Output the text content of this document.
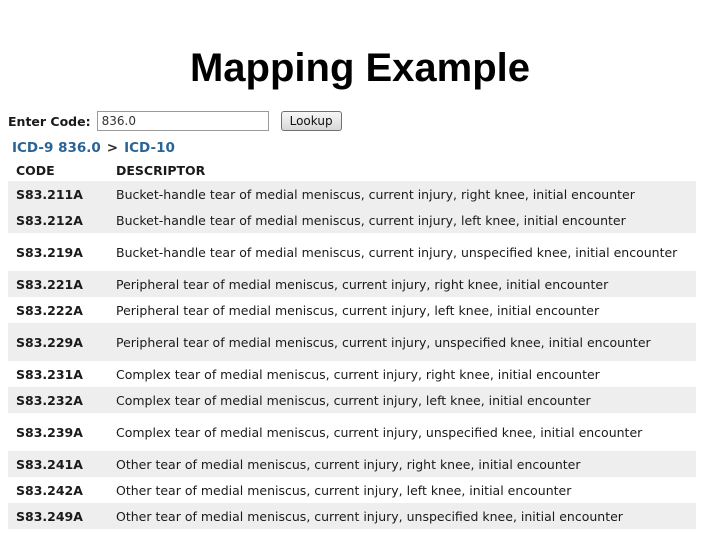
Mapping Example
Enter Code:
836.0	Lookup
ICD-9 836.0 > ICD-10
CODE	DESCRIPTOR
S83.211A	Bucket-handle tear of medial meniscus, current injury, right knee, initial encounter
S83.212A	Bucket-handle tear of medial meniscus, current injury, left knee, initial encounter
S83.219A	Bucket-handle tear of medial meniscus, current injury, unspecified knee, initial encounter
S83.221A	Peripheral tear of medial meniscus, current injury, right knee, initial encounter
S83.222A	Peripheral tear of medial meniscus, current injury, left knee, initial encounter
S83.229A	Peripheral tear of medial meniscus, current injury, unspecified knee, initial encounter
S83.231A	Complex tear of medial meniscus, current injury, right knee, initial encounter
S83.232A	Complex tear of medial meniscus, current injury, left knee, initial encounter
S83.239A	Complex tear of medial meniscus, current injury, unspecified knee, initial encounter
S83.241A	Other tear of medial meniscus, current injury, right knee, initial encounter
S83.242A	Other tear of medial meniscus, current injury, left knee, initial encounter
S83.249A	Other tear of medial meniscus, current injury, unspecified knee, initial encounter
